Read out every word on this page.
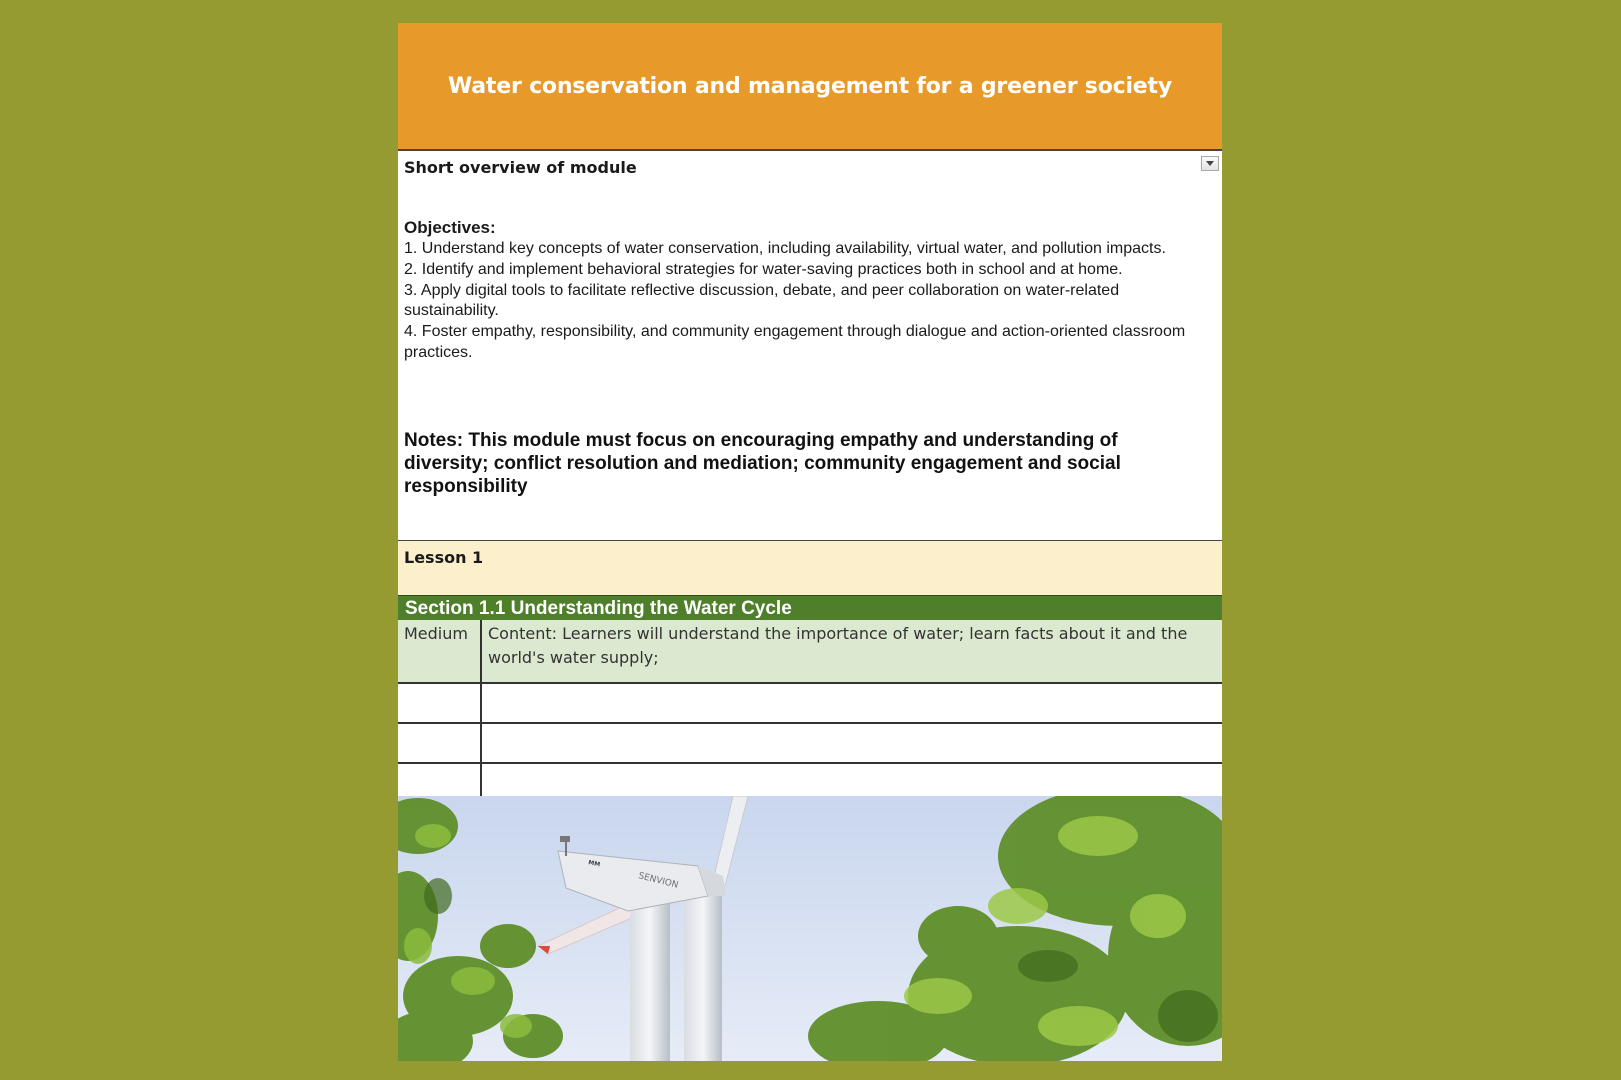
Water conservation and management for a greener society
Short overview of module
Objectives:
1. Understand key concepts of water conservation, including availability, virtual water, and pollution impacts.
2. Identify and implement behavioral strategies for water-saving practices both in school and at home.
3. Apply digital tools to facilitate reflective discussion, debate, and peer collaboration on water-related sustainability.
4. Foster empathy, responsibility, and community engagement through dialogue and action-oriented classroom practices.
Notes: This module must focus on encouraging empathy and understanding of diversity; conflict resolution and mediation; community engagement and social responsibility
Lesson 1
Section 1.1 Understanding the Water Cycle
Medium	Content: Learners will understand the importance of water; learn facts about it and the world's water supply;
SENVION
MM
